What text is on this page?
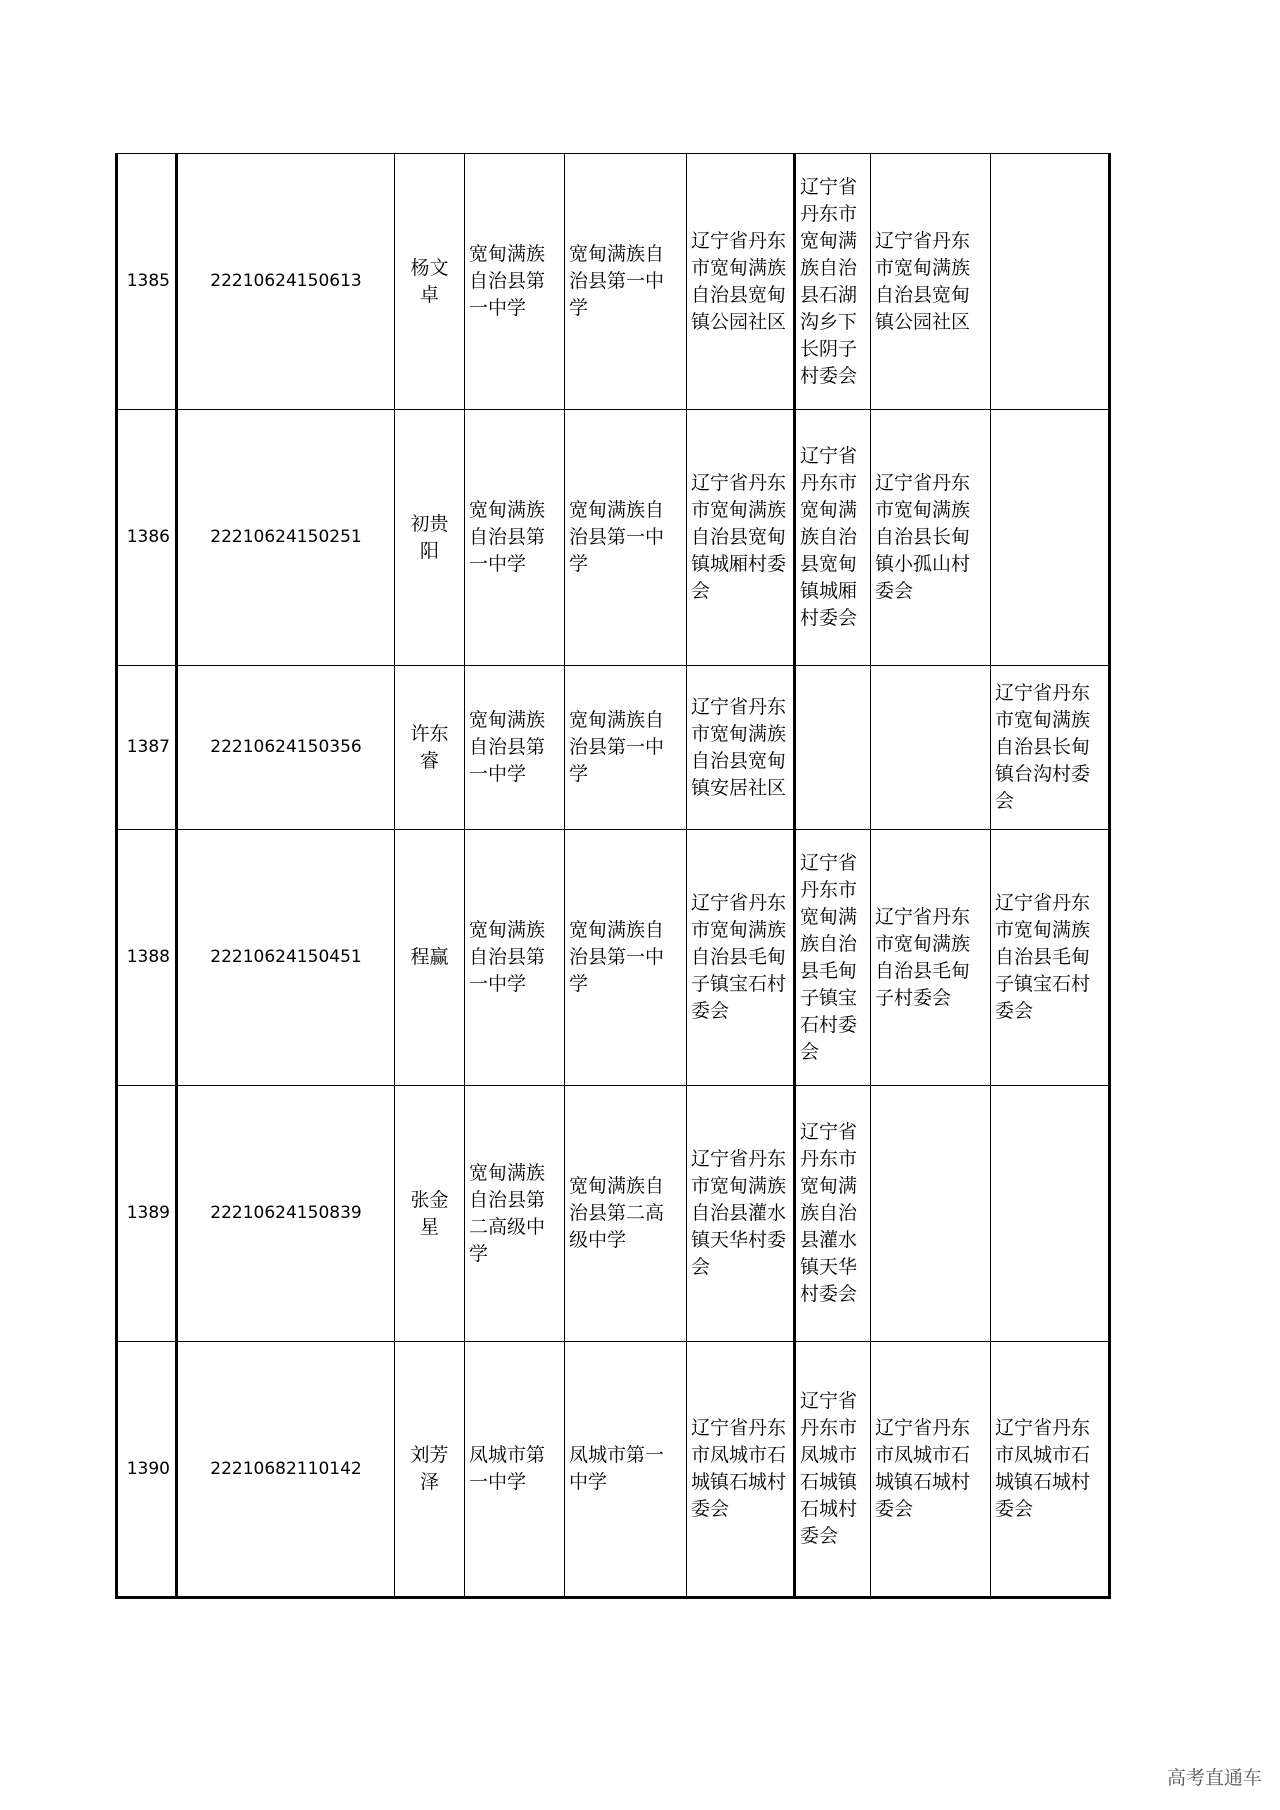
1385	22210624150613	杨文卓	宽甸满族自治县第一中学	宽甸满族自治县第一中学	辽宁省丹东市宽甸满族自治县宽甸镇公园社区	辽宁省丹东市宽甸满族自治县石湖沟乡下长阴子村委会	辽宁省丹东市宽甸满族自治县宽甸镇公园社区	
1386	22210624150251	初贵阳	宽甸满族自治县第一中学	宽甸满族自治县第一中学	辽宁省丹东市宽甸满族自治县宽甸镇城厢村委会	辽宁省丹东市宽甸满族自治县宽甸镇城厢村委会	辽宁省丹东市宽甸满族自治县长甸镇小孤山村委会	
1387	22210624150356	许东睿	宽甸满族自治县第一中学	宽甸满族自治县第一中学	辽宁省丹东市宽甸满族自治县宽甸镇安居社区			辽宁省丹东市宽甸满族自治县长甸镇台沟村委会
1388	22210624150451	程赢	宽甸满族自治县第一中学	宽甸满族自治县第一中学	辽宁省丹东市宽甸满族自治县毛甸子镇宝石村委会	辽宁省丹东市宽甸满族自治县毛甸子镇宝石村委会	辽宁省丹东市宽甸满族自治县毛甸子村委会	辽宁省丹东市宽甸满族自治县毛甸子镇宝石村委会
1389	22210624150839	张金星	宽甸满族自治县第二高级中学	宽甸满族自治县第二高级中学	辽宁省丹东市宽甸满族自治县灌水镇天华村委会	辽宁省丹东市宽甸满族自治县灌水镇天华村委会		
1390	22210682110142	刘芳泽	凤城市第一中学	凤城市第一中学	辽宁省丹东市凤城市石城镇石城村委会	辽宁省丹东市凤城市石城镇石城村委会	辽宁省丹东市凤城市石城镇石城村委会	辽宁省丹东市凤城市石城镇石城村委会
高考直通车
